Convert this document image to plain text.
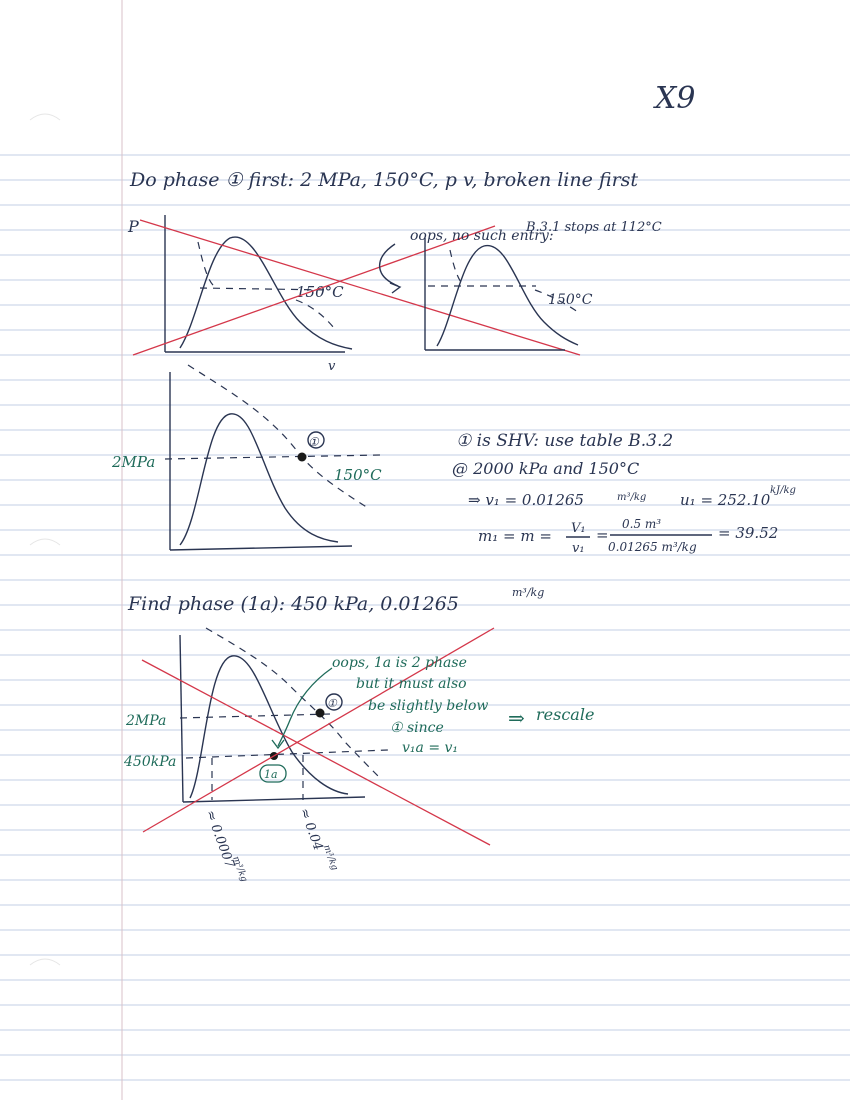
X9
Do phase ① first: 2 MPa, 150°C, p v, broken line first
P
v
150°C
oops, no such entry:
B.3.1 stops at 112°C
150°C
①
2MPa
150°C
① is SHV: use table B.3.2
@ 2000 kPa and 150°C
⇒ v₁ = 0.01265	m³/kg u₁ = 252.10
kJ/kg
m₁ = m = V₁
v₁
=
0.5 m³
0.01265 m³/kg
= 39.52
Find phase (1a): 450 kPa, 0.01265
m³/kg
①
1a
2MPa
450kPa
≈ 0.0007
m³/kg
≈ 0.04
m³/kg
oops, 1a is 2 phase
but it must also
be slightly below
① since
v₁a = v₁
⇒ rescale
